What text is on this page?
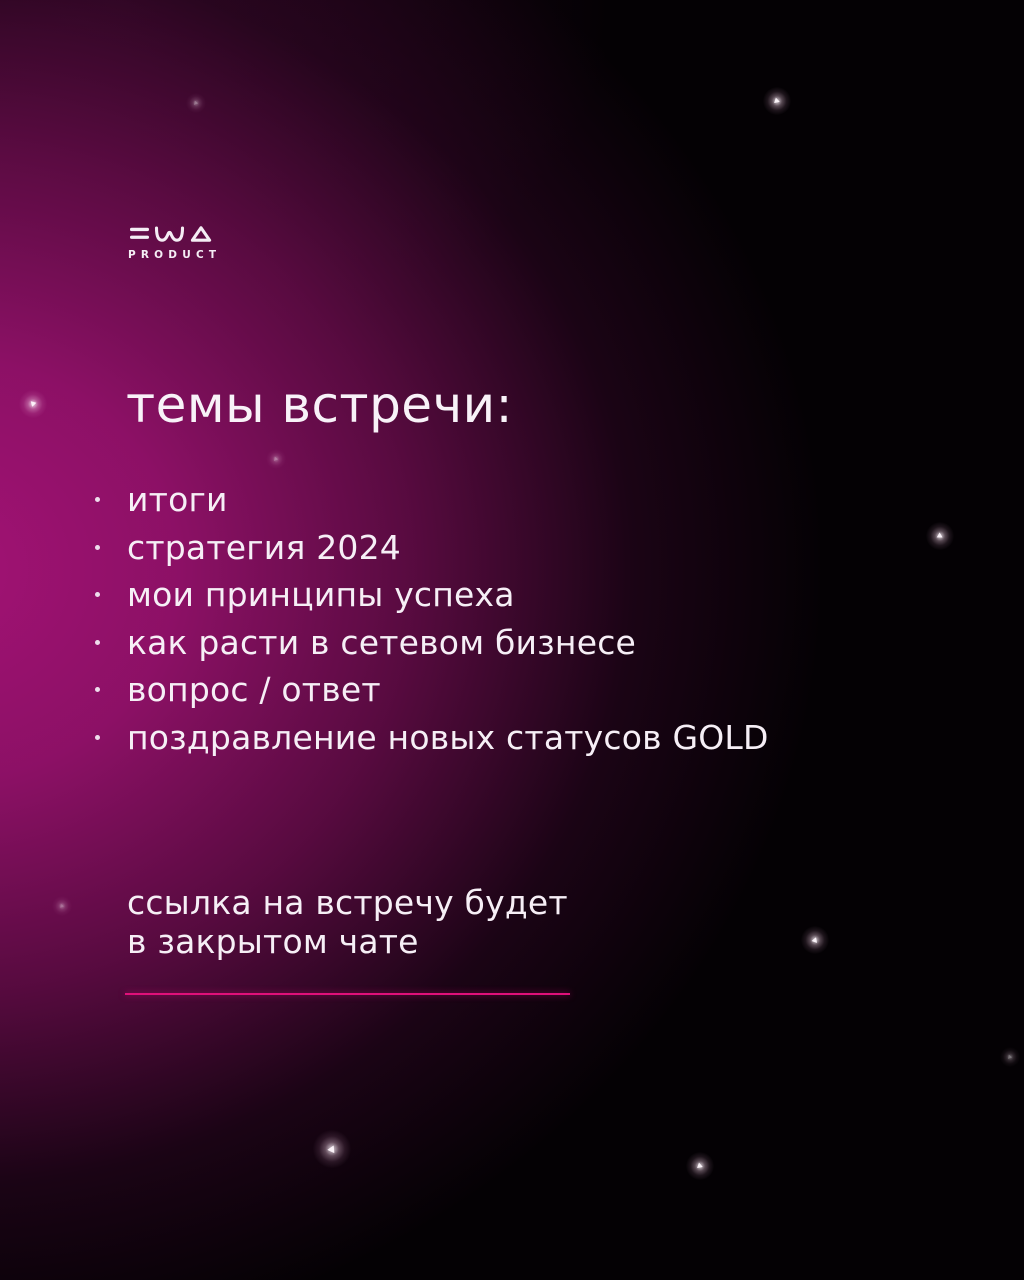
PRODUCT
темы встречи:
итоги
стратегия 2024
мои принципы успеха
как расти в сетевом бизнесе
вопрос / ответ
поздравление новых статусов GOLD
ссылка на встречу будет
в закрытом чате
